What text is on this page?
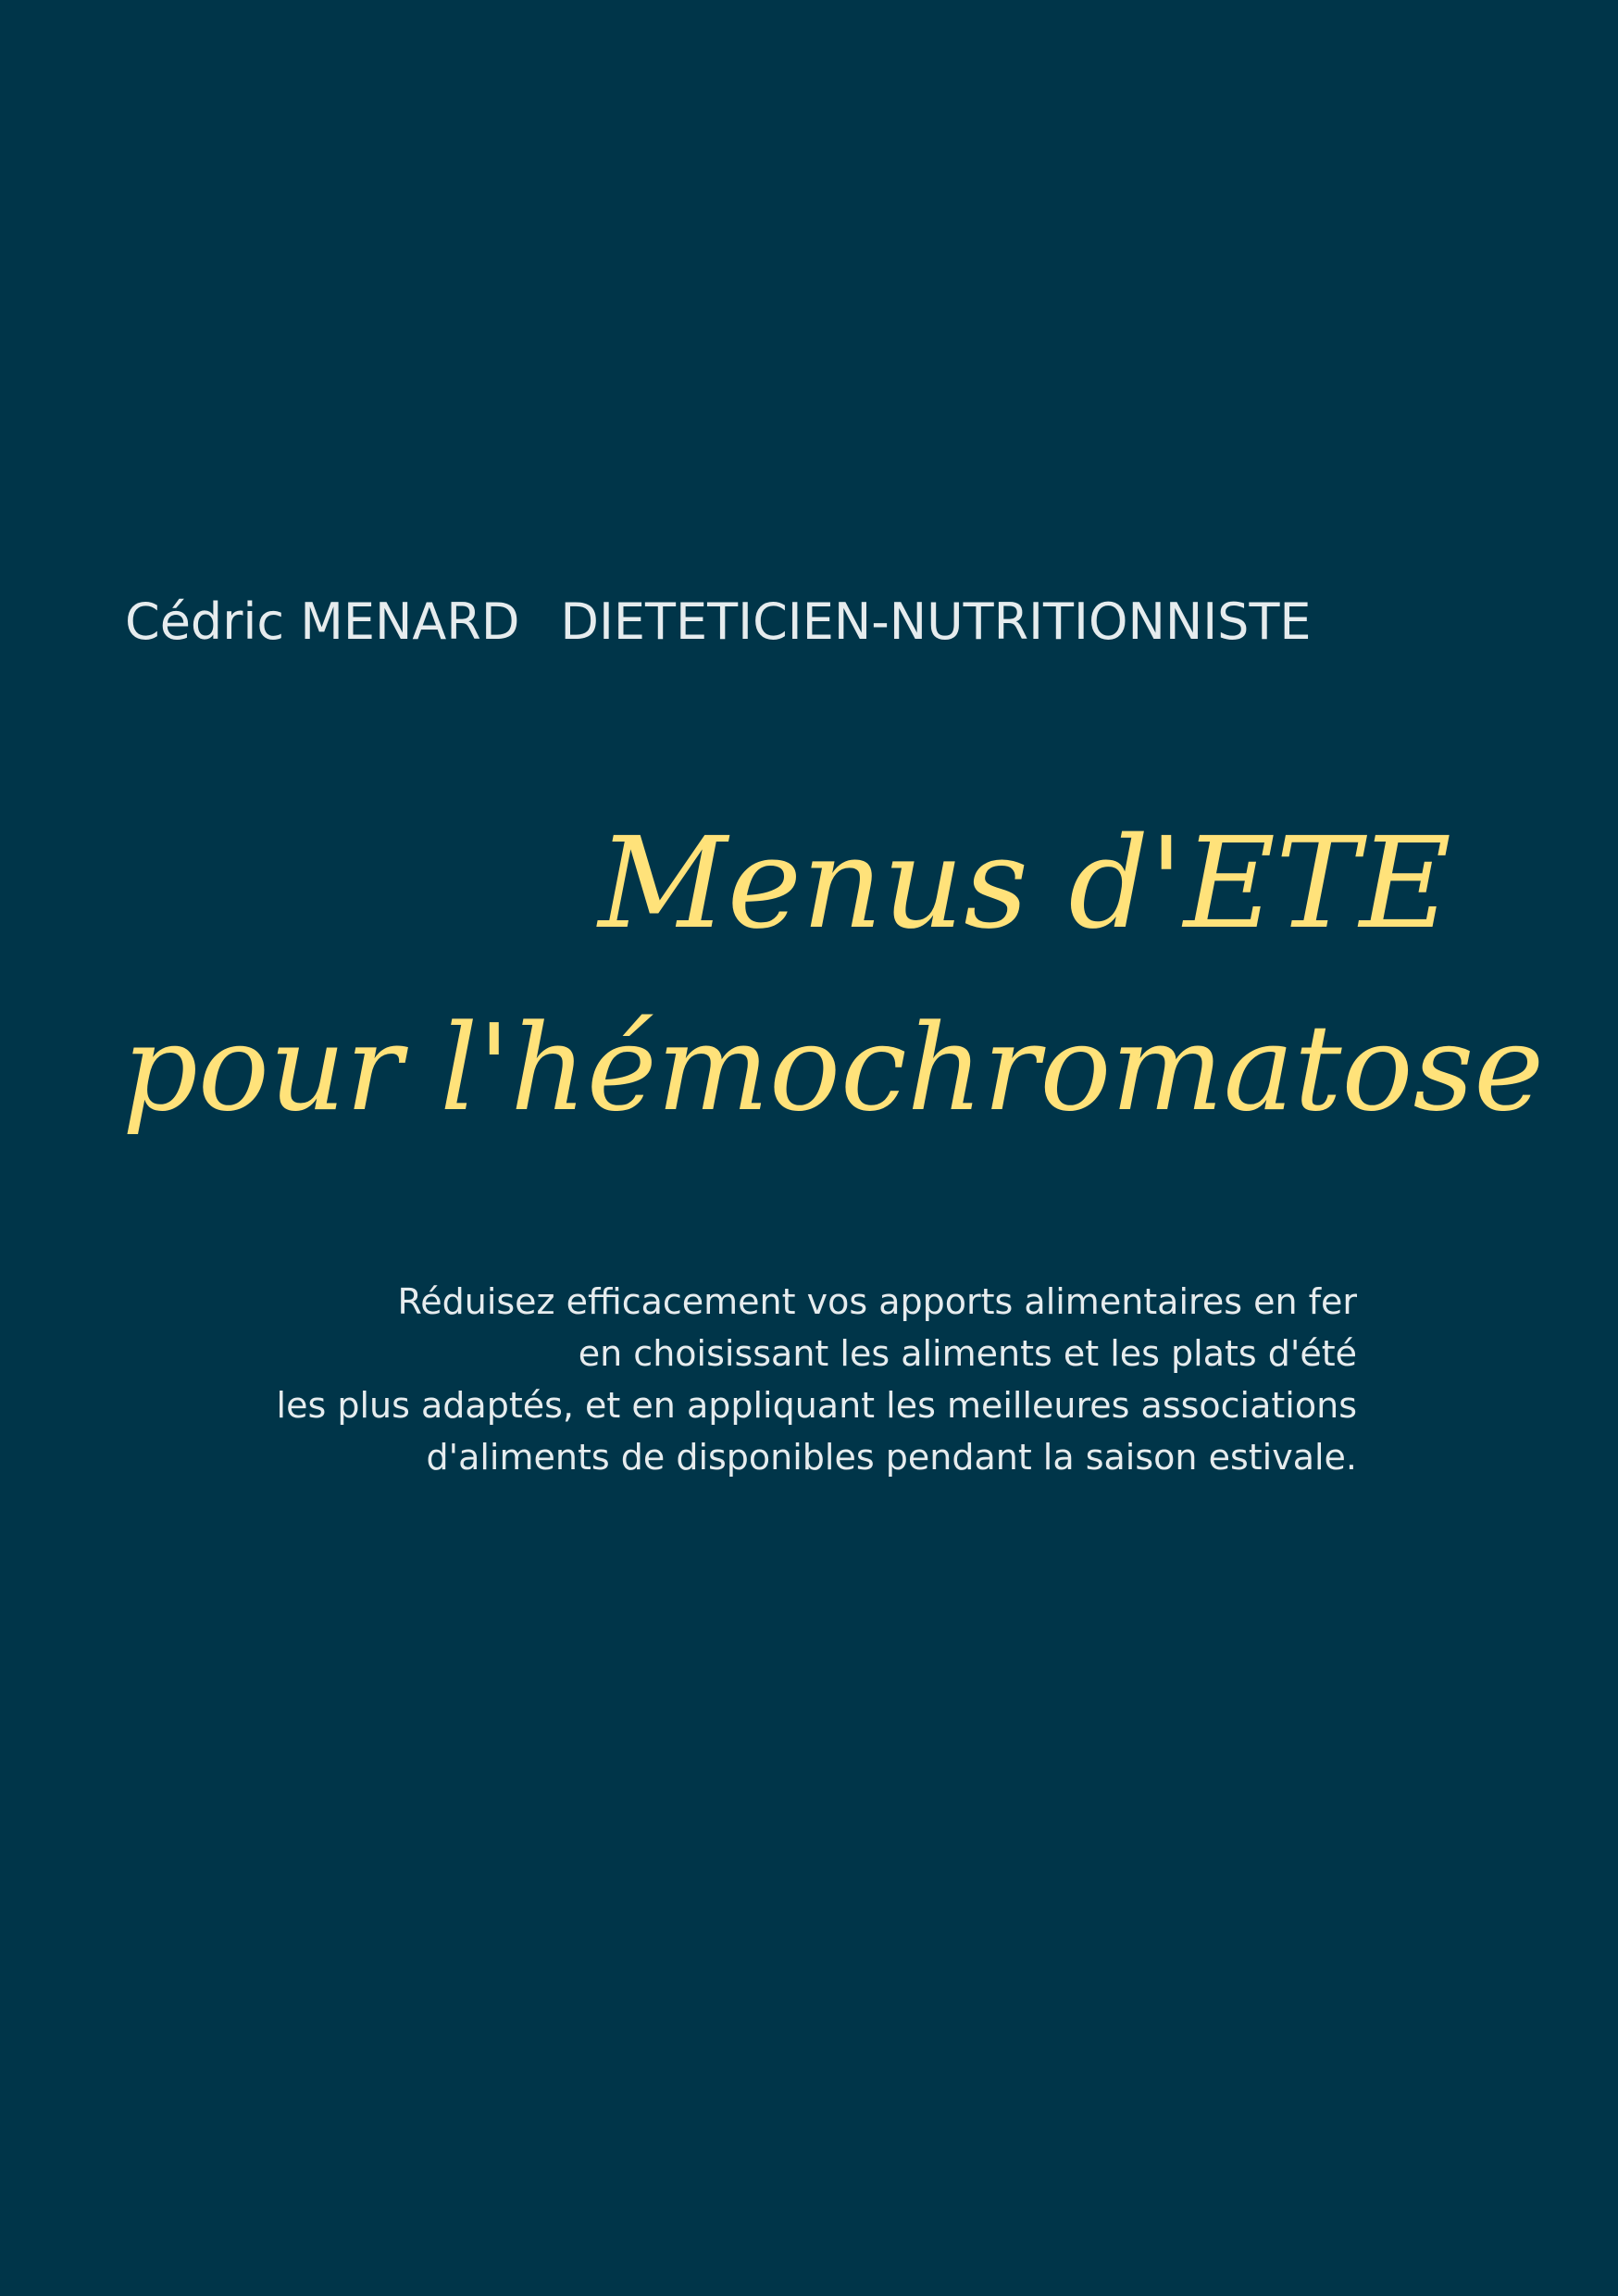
Cédric MENARD DIETETICIEN-NUTRITIONNISTE
Menus d'ETE
pour l'hémochromatose
Réduisez efficacement vos apports alimentaires en fer
en choisissant les aliments et les plats d'été
les plus adaptés, et en appliquant les meilleures associations
d'aliments de disponibles pendant la saison estivale.
